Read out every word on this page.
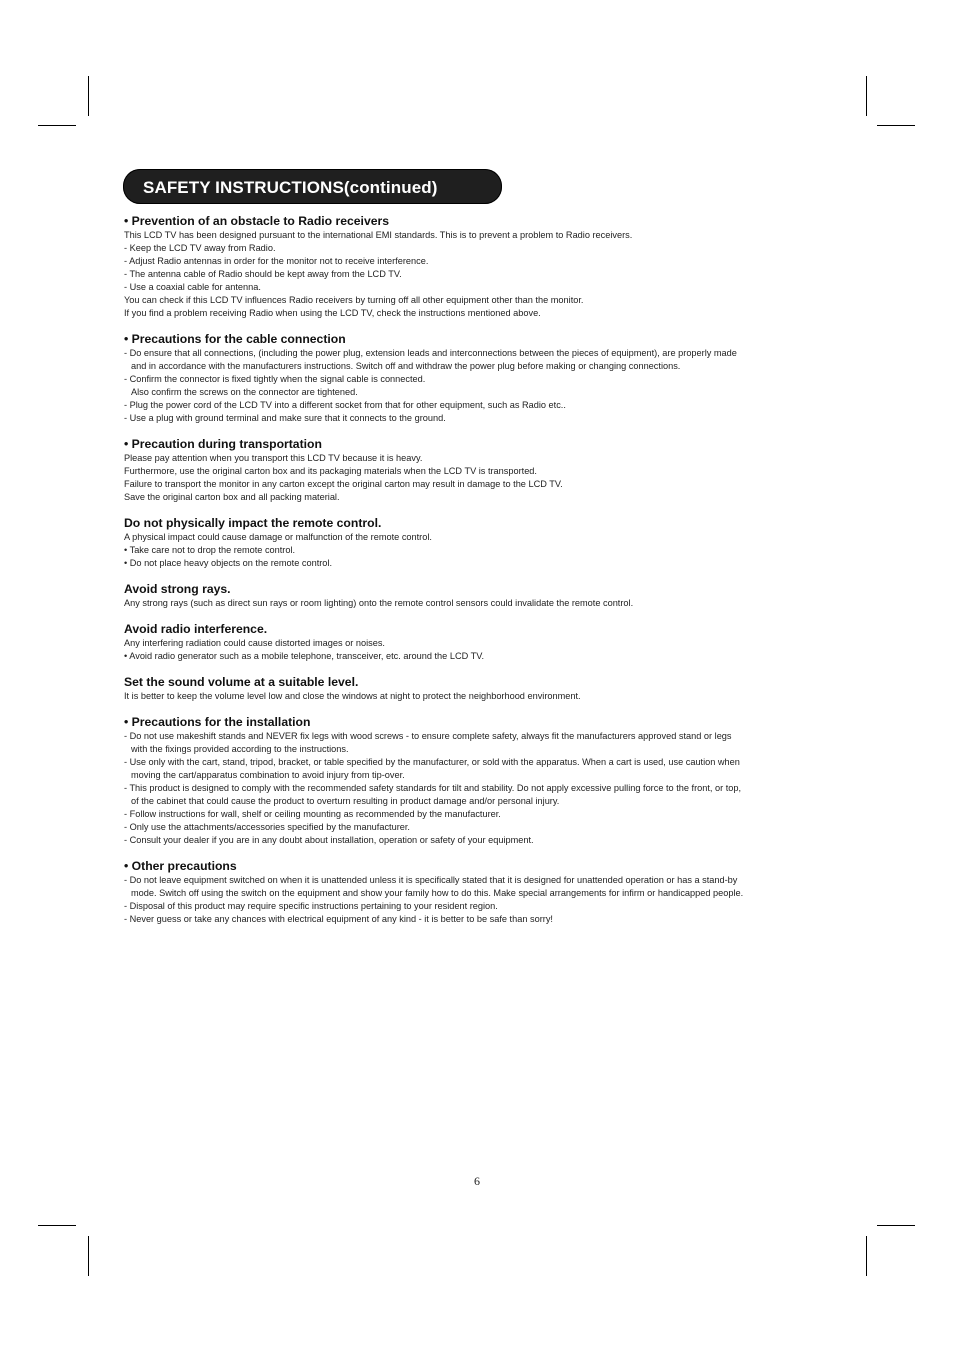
SAFETY INSTRUCTIONS(continued)
• Prevention of an obstacle to Radio receivers
This LCD TV has been designed pursuant to the international EMI standards. This is to prevent a problem to Radio receivers.
- Keep the LCD TV away from Radio.
- Adjust Radio antennas in order for the monitor not to receive interference.
- The antenna cable of Radio should be kept away from the LCD TV.
- Use a coaxial cable for antenna.
You can check if this LCD TV influences Radio receivers by turning off all other equipment other than the monitor.
If you find a problem receiving Radio when using the LCD TV, check the instructions mentioned above.
• Precautions for the cable connection
- Do ensure that all connections, (including the power plug, extension leads and interconnections between the pieces of equipment), are properly made
and in accordance with the manufacturers instructions. Switch off and withdraw the power plug before making or changing connections.
- Confirm the connector is fixed tightly when the signal cable is connected.
Also confirm the screws on the connector are tightened.
- Plug the power cord of the LCD TV into a different socket from that for other equipment, such as Radio etc..
- Use a plug with ground terminal and make sure that it connects to the ground.
• Precaution during transportation
Please pay attention when you transport this LCD TV because it is heavy.
Furthermore, use the original carton box and its packaging materials when the LCD TV is transported.
Failure to transport the monitor in any carton except the original carton may result in damage to the LCD TV.
Save the original carton box and all packing material.
Do not physically impact the remote control.
A physical impact could cause damage or malfunction of the remote control.
• Take care not to drop the remote control.
• Do not place heavy objects on the remote control.
Avoid strong rays.
Any strong rays (such as direct sun rays or room lighting) onto the remote control sensors could invalidate the remote control.
Avoid radio interference.
Any interfering radiation could cause distorted images or noises.
• Avoid radio generator such as a mobile telephone, transceiver, etc. around the LCD TV.
Set the sound volume at a suitable level.
It is better to keep the volume level low and close the windows at night to protect the neighborhood environment.
• Precautions for the installation
- Do not use makeshift stands and NEVER fix legs with wood screws - to ensure complete safety, always fit the manufacturers approved stand or legs
with the fixings provided according to the instructions.
- Use only with the cart, stand, tripod, bracket, or table specified by the manufacturer, or sold with the apparatus. When a cart is used, use caution when
moving the cart/apparatus combination to avoid injury from tip-over.
- This product is designed to comply with the recommended safety standards for tilt and stability. Do not apply excessive pulling force to the front, or top,
of the cabinet that could cause the product to overturn resulting in product damage and/or personal injury.
- Follow instructions for wall, shelf or ceiling mounting as recommended by the manufacturer.
- Only use the attachments/accessories specified by the manufacturer.
- Consult your dealer if you are in any doubt about installation, operation or safety of your equipment.
• Other precautions
- Do not leave equipment switched on when it is unattended unless it is specifically stated that it is designed for unattended operation or has a stand-by
mode. Switch off using the switch on the equipment and show your family how to do this. Make special arrangements for infirm or handicapped people.
- Disposal of this product may require specific instructions pertaining to your resident region.
- Never guess or take any chances with electrical equipment of any kind - it is better to be safe than sorry!
6
